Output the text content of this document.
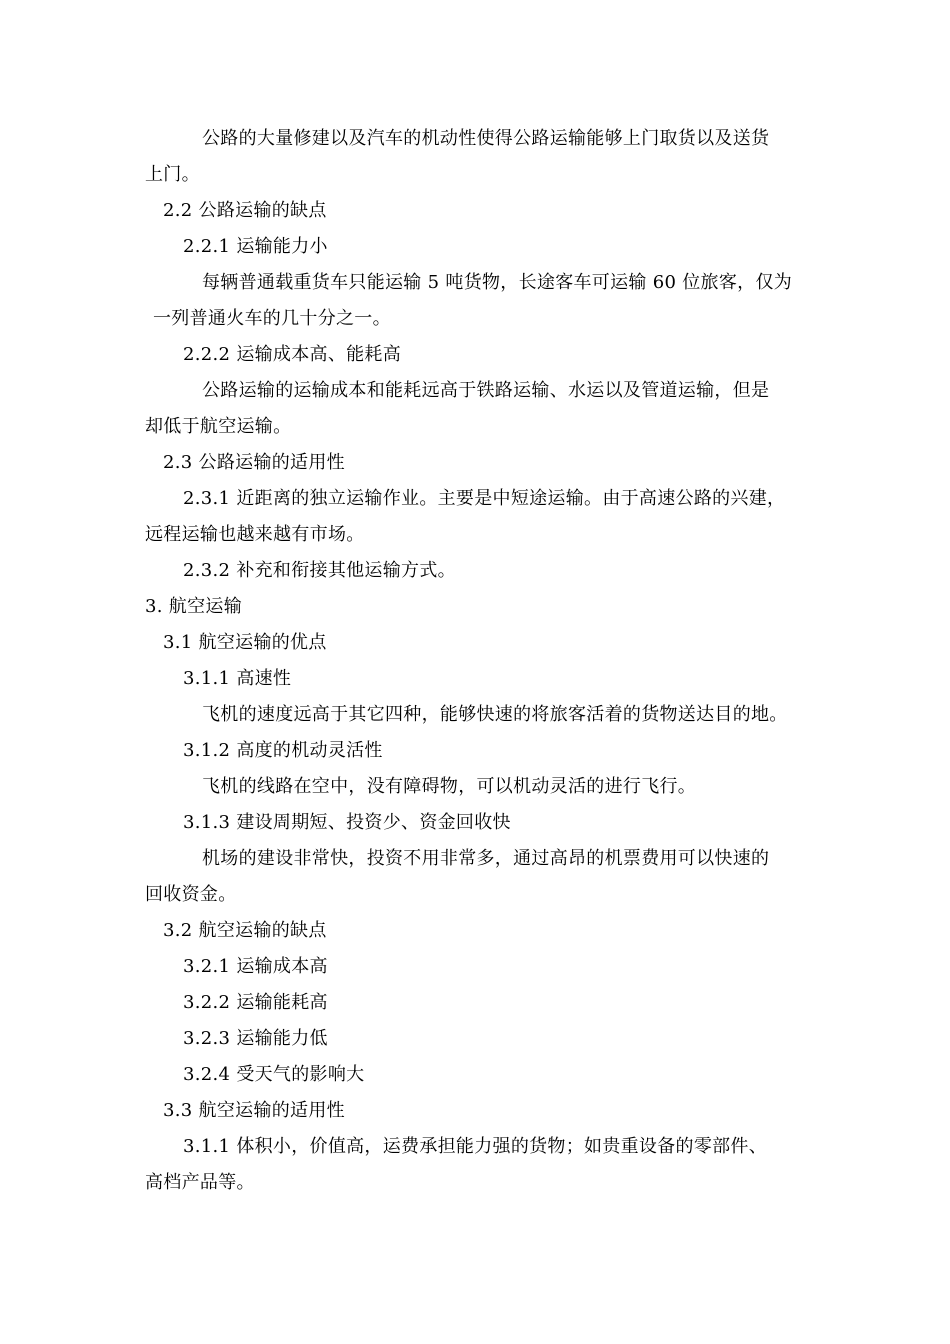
公路的大量修建以及汽车的机动性使得公路运输能够上门取货以及送货
上门。
2.2 公路运输的缺点
2.2.1 运输能力小
每辆普通载重货车只能运输 5 吨货物，长途客车可运输 60 位旅客，仅为
一列普通火车的几十分之一。
2.2.2 运输成本高、能耗高
公路运输的运输成本和能耗远高于铁路运输、水运以及管道运输，但是
却低于航空运输。
2.3 公路运输的适用性
2.3.1 近距离的独立运输作业。主要是中短途运输。由于高速公路的兴建，
远程运输也越来越有市场。
2.3.2 补充和衔接其他运输方式。
3. 航空运输
3.1 航空运输的优点
3.1.1 高速性
飞机的速度远高于其它四种，能够快速的将旅客活着的货物送达目的地。
3.1.2 高度的机动灵活性
飞机的线路在空中，没有障碍物，可以机动灵活的进行飞行。
3.1.3 建设周期短、投资少、资金回收快
机场的建设非常快，投资不用非常多，通过高昂的机票费用可以快速的
回收资金。
3.2 航空运输的缺点
3.2.1 运输成本高
3.2.2 运输能耗高
3.2.3 运输能力低
3.2.4 受天气的影响大
3.3 航空运输的适用性
3.1.1 体积小，价值高，运费承担能力强的货物；如贵重设备的零部件、
高档产品等。
